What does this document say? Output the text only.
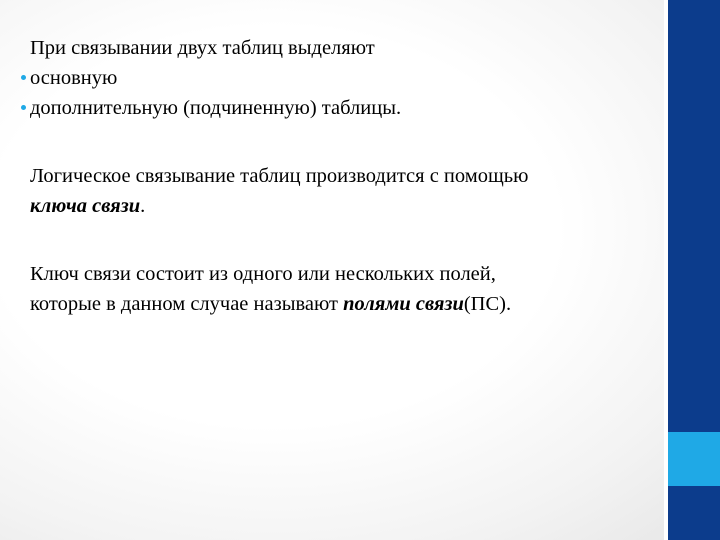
При связывании двух таблиц выделяют
основную
дополнительную (подчиненную) таблицы.
Логическое связывание таблиц производится с помощью
ключа связи.
Ключ связи состоит из одного или нескольких полей,
которые в данном случае называют полями связи(ПС).
